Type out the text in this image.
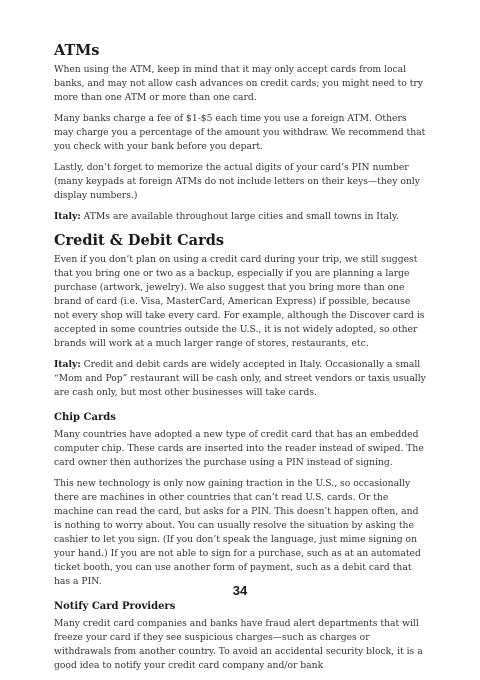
ATMs

When using the ATM, keep in mind that it may only accept cards from local banks, and may not allow cash advances on credit cards; you might need to try more than one ATM or more than one card.

Many banks charge a fee of $1-$5 each time you use a foreign ATM. Others may charge you a percentage of the amount you withdraw. We recommend that you check with your bank before you depart.

Lastly, don’t forget to memorize the actual digits of your card’s PIN number (many keypads at foreign ATMs do not include letters on their keys—they only display numbers.)

Italy: ATMs are available throughout large cities and small towns in Italy.

Credit & Debit Cards

Even if you don’t plan on using a credit card during your trip, we still suggest that you bring one or two as a backup, especially if you are planning a large purchase (artwork, jewelry). We also suggest that you bring more than one brand of card (i.e. Visa, MasterCard, American Express) if possible, because not every shop will take every card. For example, although the Discover card is accepted in some countries outside the U.S., it is not widely adopted, so other brands will work at a much larger range of stores, restaurants, etc.

Italy: Credit and debit cards are widely accepted in Italy. Occasionally a small “Mom and Pop” restaurant will be cash only, and street vendors or taxis usually are cash only, but most other businesses will take cards.

Chip Cards

Many countries have adopted a new type of credit card that has an embedded computer chip. These cards are inserted into the reader instead of swiped. The card owner then authorizes the purchase using a PIN instead of signing.

This new technology is only now gaining traction in the U.S., so occasionally there are machines in other countries that can’t read U.S. cards. Or the machine can read the card, but asks for a PIN. This doesn’t happen often, and is nothing to worry about. You can usually resolve the situation by asking the cashier to let you sign. (If you don’t speak the language, just mime signing on your hand.) If you are not able to sign for a purchase, such as at an automated ticket booth, you can use another form of payment, such as a debit card that has a PIN.

Notify Card Providers

Many credit card companies and banks have fraud alert departments that will freeze your card if they see suspicious charges—such as charges or withdrawals from another country. To avoid an accidental security block, it is a good idea to notify your credit card company and/or bank

34
